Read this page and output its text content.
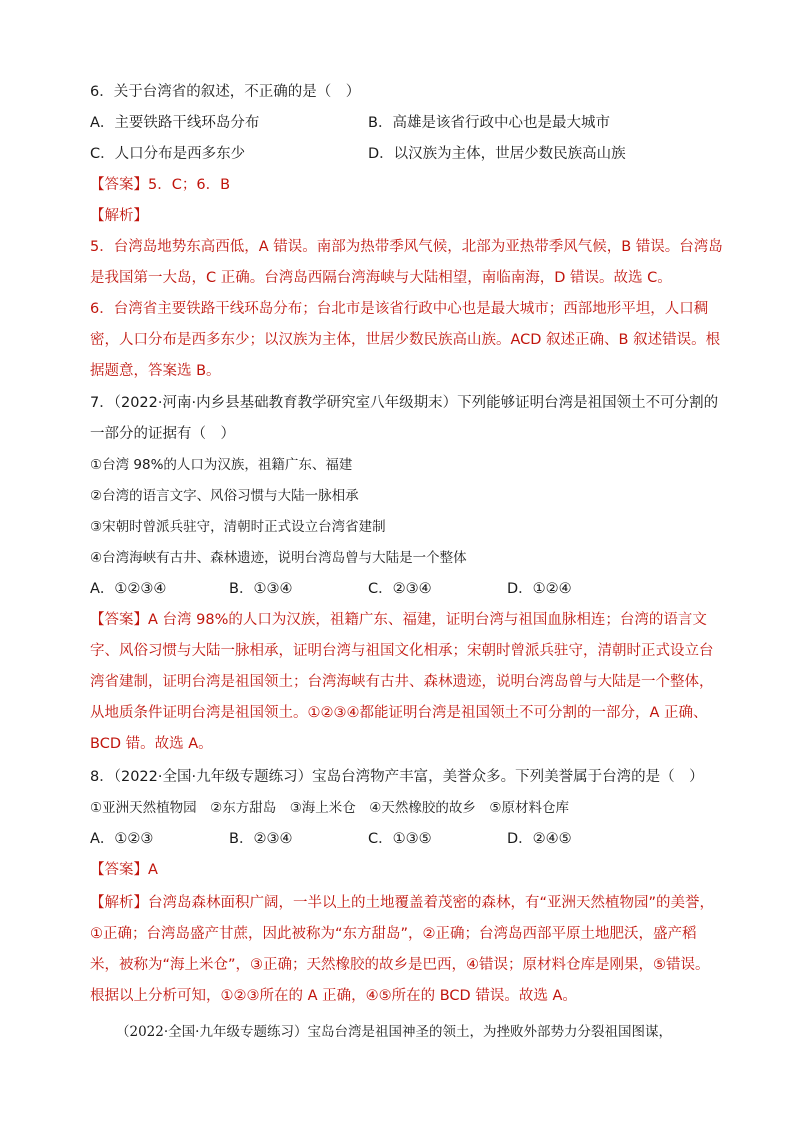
6．关于台湾省的叙述，不正确的是（　）
A．主要铁路干线环岛分布	B．高雄是该省行政中心也是最大城市
C．人口分布是西多东少	D．以汉族为主体，世居少数民族高山族
【答案】5．C；6．B
【解析】
5．台湾岛地势东高西低，A 错误。南部为热带季风气候，北部为亚热带季风气候，B 错误。台湾岛
是我国第一大岛，C 正确。台湾岛西隔台湾海峡与大陆相望，南临南海，D 错误。故选 C。
6．台湾省主要铁路干线环岛分布；台北市是该省行政中心也是最大城市；西部地形平坦，人口稠
密，人口分布是西多东少；以汉族为主体，世居少数民族高山族。ACD 叙述正确、B 叙述错误。根
据题意，答案选 B。
7．（2022·河南·内乡县基础教育教学研究室八年级期末）下列能够证明台湾是祖国领土不可分割的
一部分的证据有（　）
①台湾 98%的人口为汉族，祖籍广东、福建
②台湾的语言文字、风俗习惯与大陆一脉相承
③宋朝时曾派兵驻守，清朝时正式设立台湾省建制
④台湾海峡有古井、森林遗迹，说明台湾岛曾与大陆是一个整体
A．①②③④	B．①③④	C．②③④	D．①②④
【答案】A 台湾 98%的人口为汉族，祖籍广东、福建，证明台湾与祖国血脉相连；台湾的语言文
字、风俗习惯与大陆一脉相承，证明台湾与祖国文化相承；宋朝时曾派兵驻守，清朝时正式设立台
湾省建制，证明台湾是祖国领土；台湾海峡有古井、森林遗迹，说明台湾岛曾与大陆是一个整体，
从地质条件证明台湾是祖国领土。①②③④都能证明台湾是祖国领土不可分割的一部分，A 正确、
BCD 错。故选 A。
8．（2022·全国·九年级专题练习）宝岛台湾物产丰富，美誉众多。下列美誉属于台湾的是（　）
①亚洲天然植物园　②东方甜岛　③海上米仓　④天然橡胶的故乡　⑤原材料仓库
A．①②③	B．②③④	C．①③⑤	D．②④⑤
【答案】A
【解析】台湾岛森林面积广阔，一半以上的土地覆盖着茂密的森林，有“亚洲天然植物园”的美誉，
①正确；台湾岛盛产甘蔗，因此被称为“东方甜岛”，②正确；台湾岛西部平原土地肥沃，盛产稻
米，被称为“海上米仓”，③正确；天然橡胶的故乡是巴西，④错误；原材料仓库是刚果，⑤错误。
根据以上分析可知，①②③所在的 A 正确，④⑤所在的 BCD 错误。故选 A。
（2022·全国·九年级专题练习）宝岛台湾是祖国神圣的领土，为挫败外部势力分裂祖国图谋，
